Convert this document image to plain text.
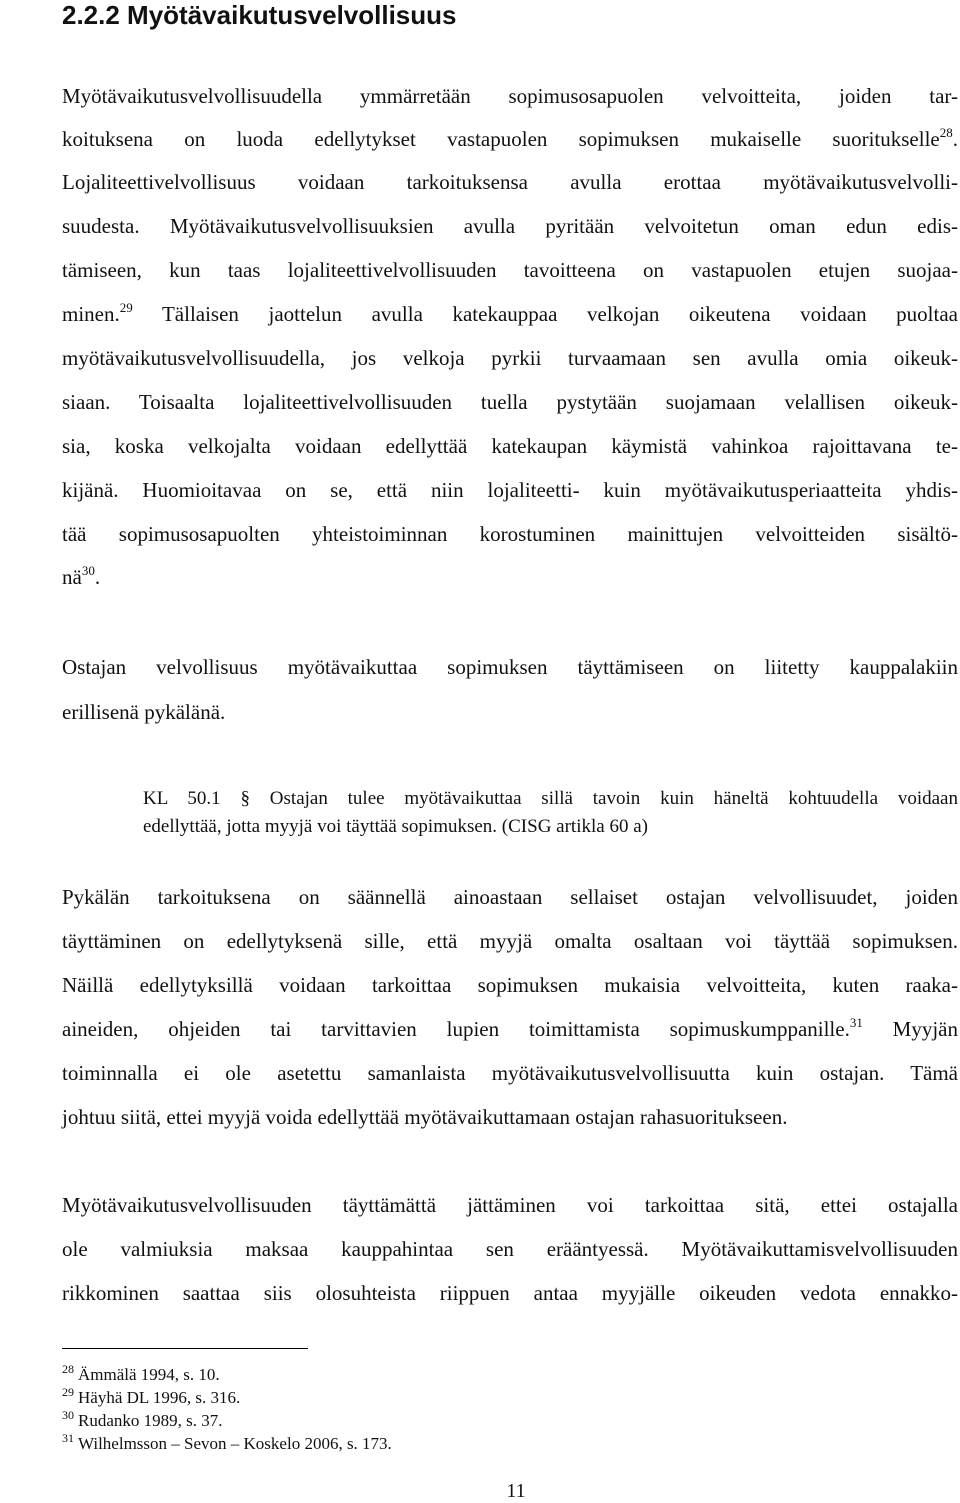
2.2.2 Myötävaikutusvelvollisuus
Myötävaikutusvelvollisuudella ymmärretään sopimusosapuolen velvoitteita, joiden tar-
koituksena on luoda edellytykset vastapuolen sopimuksen mukaiselle suoritukselle$^{28}$.
Lojaliteettivelvollisuus voidaan tarkoituksensa avulla erottaa myötävaikutusvelvolli-
suudesta. Myötävaikutusvelvollisuuksien avulla pyritään velvoitetun oman edun edis-
tämiseen, kun taas lojaliteettivelvollisuuden tavoitteena on vastapuolen etujen suojaa-
minen.$^{29}$ Tällaisen jaottelun avulla katekauppaa velkojan oikeutena voidaan puoltaa
myötävaikutusvelvollisuudella, jos velkoja pyrkii turvaamaan sen avulla omia oikeuk-
siaan. Toisaalta lojaliteettivelvollisuuden tuella pystytään suojamaan velallisen oikeuk-
sia, koska velkojalta voidaan edellyttää katekaupan käymistä vahinkoa rajoittavana te-
kijänä. Huomioitavaa on se, että niin lojaliteetti- kuin myötävaikutusperiaatteita yhdis-
tää sopimusosapuolten yhteistoiminnan korostuminen mainittujen velvoitteiden sisältö-
$nä^{30}$.
Ostajan velvollisuus myötävaikuttaa sopimuksen täyttämiseen on liitetty kauppalakiin
erillisenä pykälänä.
KL 50.1 § Ostajan tulee myötävaikuttaa sillä tavoin kuin häneltä kohtuudella voidaan
edellyttää, jotta myyjä voi täyttää sopimuksen. (CISG artikla 60 a)
Pykälän tarkoituksena on säännellä ainoastaan sellaiset ostajan velvollisuudet, joiden
täyttäminen on edellytyksenä sille, että myyjä omalta osaltaan voi täyttää sopimuksen.
Näillä edellytyksillä voidaan tarkoittaa sopimuksen mukaisia velvoitteita, kuten raaka-
aineiden, ohjeiden tai tarvittavien lupien toimittamista sopimuskumppanille.$^{31}$ Myyjän
toiminnalla ei ole asetettu samanlaista myötävaikutusvelvollisuutta kuin ostajan. Tämä
johtuu siitä, ettei myyjä voida edellyttää myötävaikuttamaan ostajan rahasuoritukseen.
Myötävaikutusvelvollisuuden täyttämättä jättäminen voi tarkoittaa sitä, ettei ostajalla
ole valmiuksia maksaa kauppahintaa sen erääntyessä. Myötävaikuttamisvelvollisuuden
rikkominen saattaa siis olosuhteista riippuen antaa myyjälle oikeuden vedota ennakko-
$^{28}$ Ämmälä 1994, s. 10.
$^{29}$ Häyhä DL 1996, s. 316.
$^{30}$ Rudanko 1989, s. 37.
$^{31}$ Wilhelmsson – Sevon – Koskelo 2006, s. 173.
11
